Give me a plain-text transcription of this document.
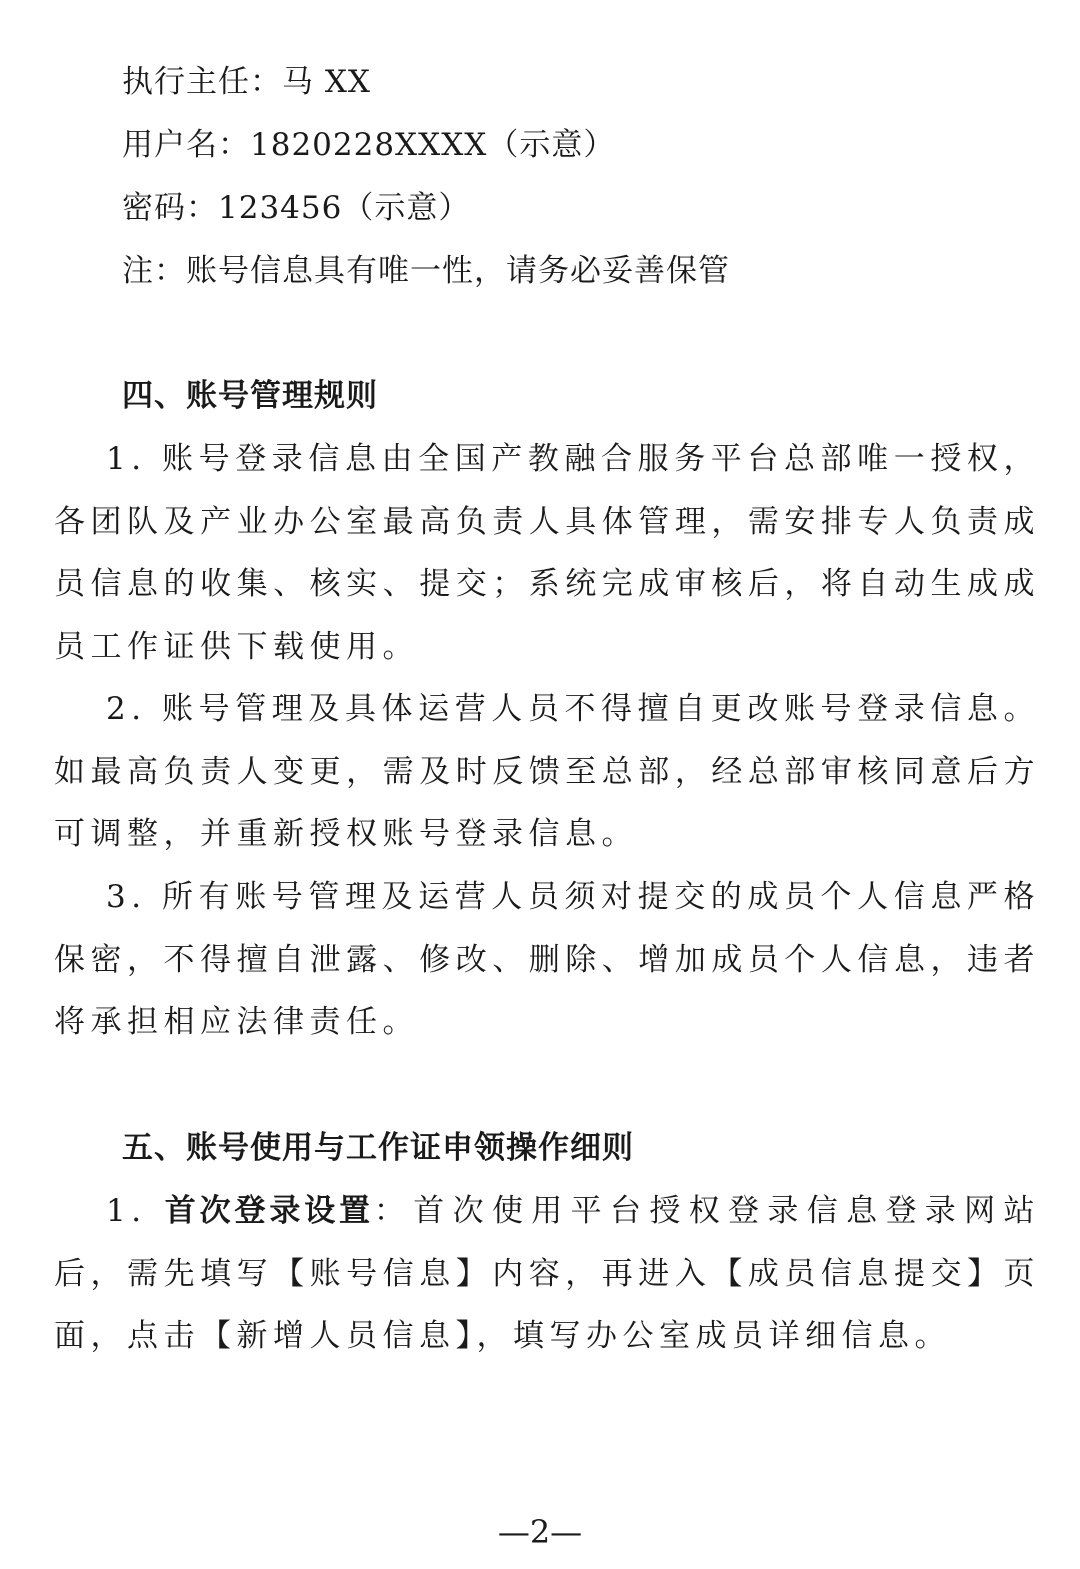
执行主任：马 XX
用户名：1820228XXXX（示意）
密码：123456（示意）
注：账号信息具有唯一性，请务必妥善保管
四、账号管理规则
1. 账号登录信息由全国产教融合服务平台总部唯一授权，各团队及产业办公室最高负责人具体管理，需安排专人负责成员信息的收集、核实、提交；系统完成审核后，将自动生成成员工作证供下载使用。
2. 账号管理及具体运营人员不得擅自更改账号登录信息。如最高负责人变更，需及时反馈至总部，经总部审核同意后方可调整，并重新授权账号登录信息。
3. 所有账号管理及运营人员须对提交的成员个人信息严格保密，不得擅自泄露、修改、删除、增加成员个人信息，违者将承担相应法律责任。
五、账号使用与工作证申领操作细则
1. 首次登录设置：首次使用平台授权登录信息登录网站后，需先填写【账号信息】内容，再进入【成员信息提交】页面，点击【新增人员信息】，填写办公室成员详细信息。
—2—
